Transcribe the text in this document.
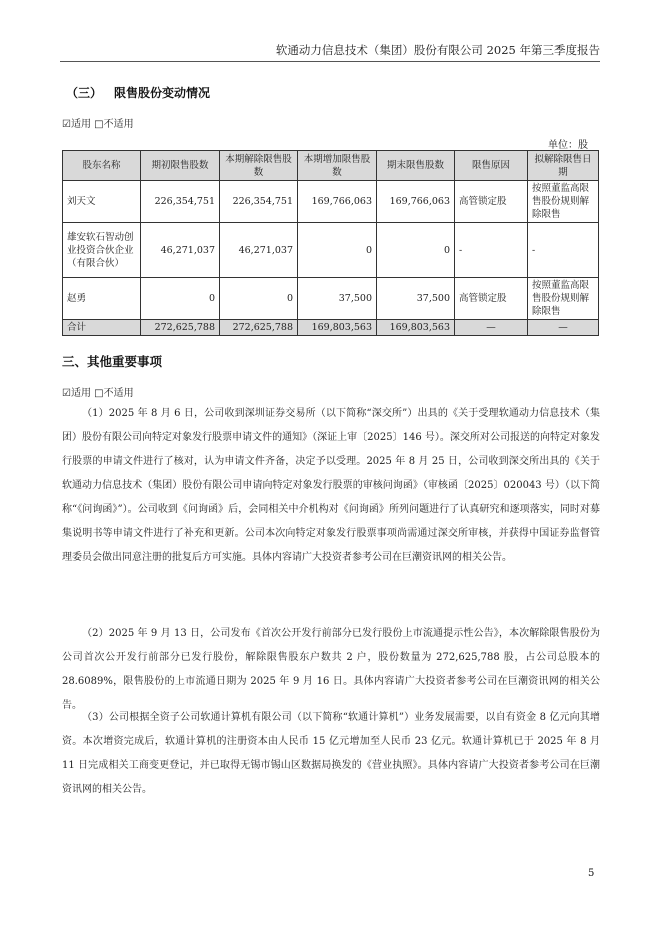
软通动力信息技术（集团）股份有限公司 2025 年第三季度报告
（三） 限售股份变动情况
☑适用 □不适用
单位：股
股东名称	期初限售股数	本期解除限售股数	本期增加限售股数	期末限售股数	限售原因	拟解除限售日期
刘天文	226,354,751	226,354,751	169,766,063	169,766,063	高管锁定股	按照董监高限售股份规则解除限售
雄安软石智动创业投资合伙企业（有限合伙）	46,271,037	46,271,037	0	0	-	-
赵勇	0	0	37,500	37,500	高管锁定股	按照董监高限售股份规则解除限售
合计	272,625,788	272,625,788	169,803,563	169,803,563	—	—
三、其他重要事项
☑适用 □不适用
（1）2025 年 8 月 6 日，公司收到深圳证券交易所（以下简称“深交所”）出具的《关于受理软通动力信息技术（集团）股份有限公司向特定对象发行股票申请文件的通知》（深证上审〔2025〕146 号）。深交所对公司报送的向特定对象发行股票的申请文件进行了核对，认为申请文件齐备，决定予以受理。2025 年 8 月 25 日，公司收到深交所出具的《关于软通动力信息技术（集团）股份有限公司申请向特定对象发行股票的审核问询函》（审核函〔2025〕020043 号）（以下简称“《问询函》”）。公司收到《问询函》后，会同相关中介机构对《问询函》所列问题进行了认真研究和逐项落实，同时对募集说明书等申请文件进行了补充和更新。公司本次向特定对象发行股票事项尚需通过深交所审核，并获得中国证券监督管理委员会做出同意注册的批复后方可实施。具体内容请广大投资者参考公司在巨潮资讯网的相关公告。
（2）2025 年 9 月 13 日，公司发布《首次公开发行前部分已发行股份上市流通提示性公告》，本次解除限售股份为公司首次公开发行前部分已发行股份，解除限售股东户数共 2 户，股份数量为 272,625,788 股，占公司总股本的 28.6089%，限售股份的上市流通日期为 2025 年 9 月 16 日。具体内容请广大投资者参考公司在巨潮资讯网的相关公告。
（3）公司根据全资子公司软通计算机有限公司（以下简称“软通计算机”）业务发展需要，以自有资金 8 亿元向其增资。本次增资完成后，软通计算机的注册资本由人民币 15 亿元增加至人民币 23 亿元。软通计算机已于 2025 年 8 月 11 日完成相关工商变更登记，并已取得无锡市锡山区数据局换发的《营业执照》。具体内容请广大投资者参考公司在巨潮资讯网的相关公告。
5
